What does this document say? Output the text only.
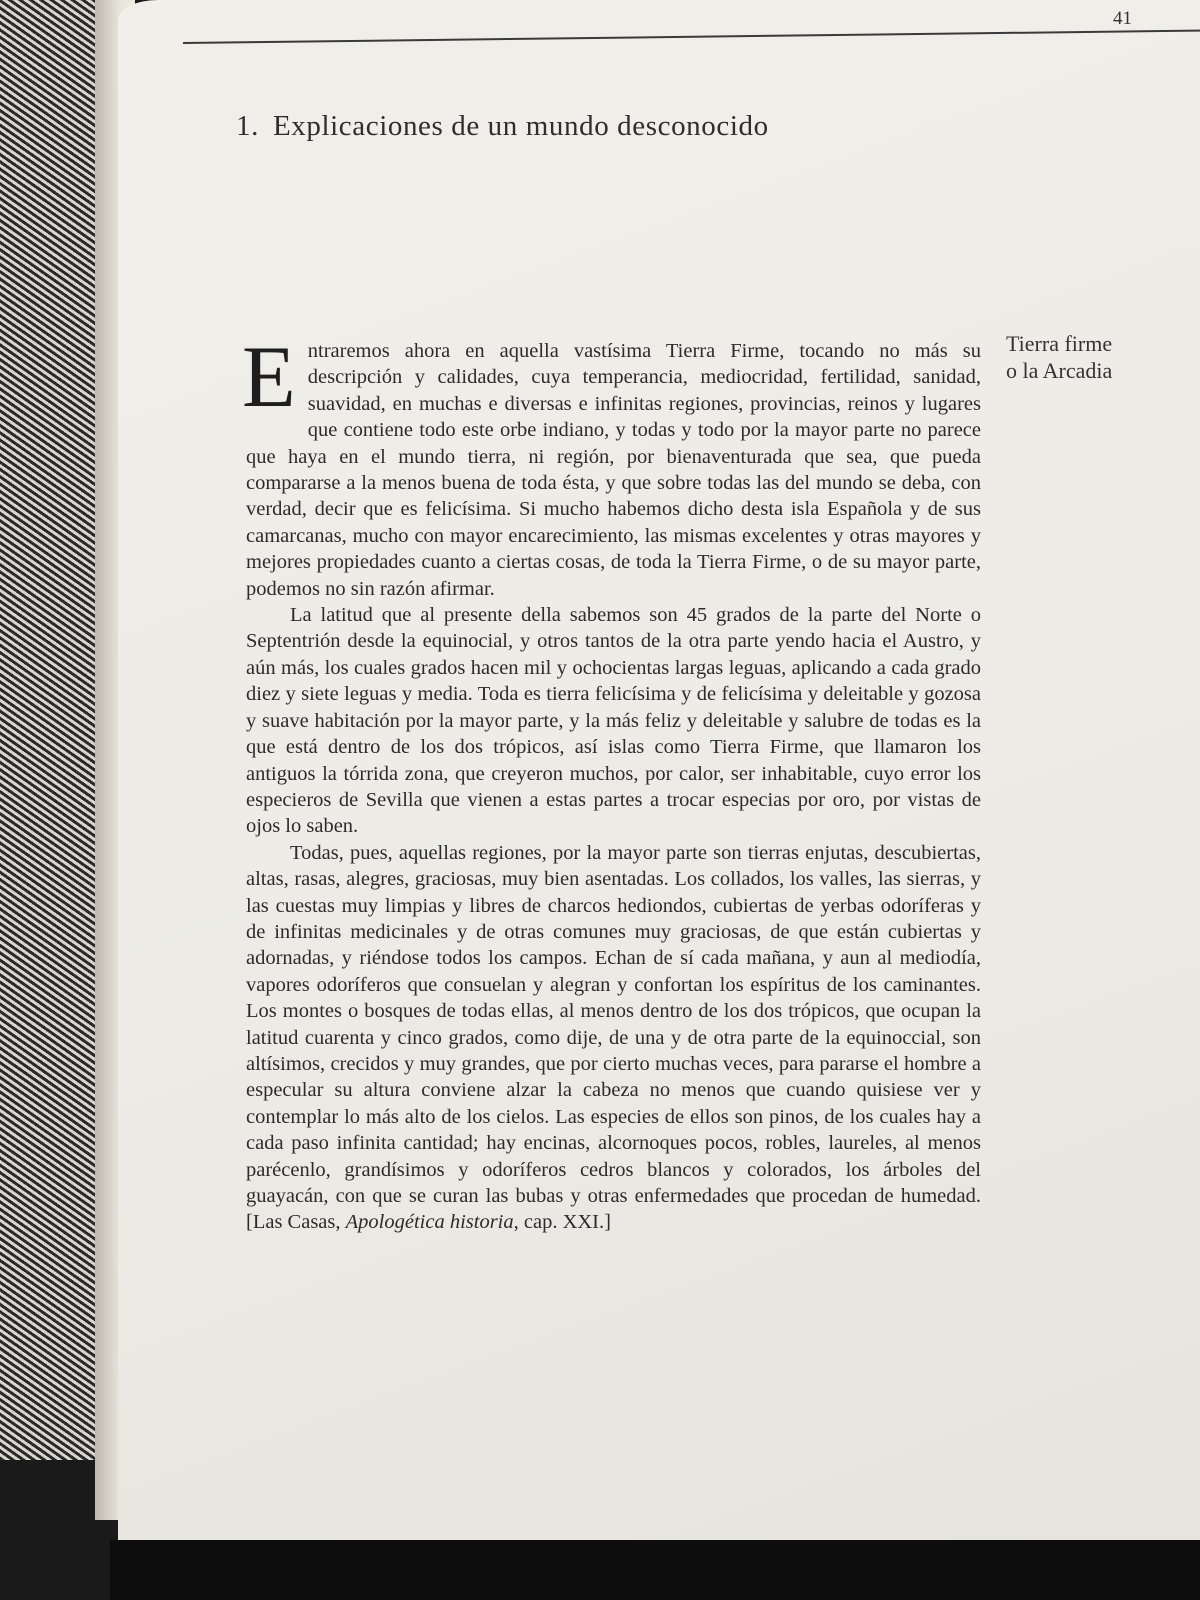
41
1. Explicaciones de un mundo desconocido
Tierra firme
o la Arcadia

Entraremos ahora en aquella vastísima Tierra Firme, tocando no más su descripción y calidades, cuya temperancia, mediocridad, fertilidad, sanidad, suavidad, en muchas e diversas e infinitas regiones, provincias, reinos y lugares que contiene todo este orbe indiano, y todas y todo por la mayor parte no parece que haya en el mundo tierra, ni región, por bienaventurada que sea, que pueda compararse a la menos buena de toda ésta, y que sobre todas las del mundo se deba, con verdad, decir que es felicísima. Si mucho habemos dicho desta isla Española y de sus camarcanas, mucho con mayor encarecimiento, las mismas excelentes y otras mayores y mejores propiedades cuanto a ciertas cosas, de toda la Tierra Firme, o de su mayor parte, podemos no sin razón afirmar.

La latitud que al presente della sabemos son 45 grados de la parte del Norte o Septentrión desde la equinocial, y otros tantos de la otra parte yendo hacia el Austro, y aún más, los cuales grados hacen mil y ochocientas largas leguas, aplicando a cada grado diez y siete leguas y media. Toda es tierra felicísima y de felicísima y deleitable y gozosa y suave habitación por la mayor parte, y la más feliz y deleitable y salubre de todas es la que está dentro de los dos trópicos, así islas como Tierra Firme, que llamaron los antiguos la tórrida zona, que creyeron muchos, por calor, ser inhabitable, cuyo error los especieros de Sevilla que vienen a estas partes a trocar especias por oro, por vistas de ojos lo saben.

Todas, pues, aquellas regiones, por la mayor parte son tierras enjutas, descubiertas, altas, rasas, alegres, graciosas, muy bien asentadas. Los collados, los valles, las sierras, y las cuestas muy limpias y libres de charcos hediondos, cubiertas de yerbas odoríferas y de infinitas medicinales y de otras comunes muy graciosas, de que están cubiertas y adornadas, y riéndose todos los campos. Echan de sí cada mañana, y aun al mediodía, vapores odoríferos que consuelan y alegran y confortan los espíritus de los caminantes. Los montes o bosques de todas ellas, al menos dentro de los dos trópicos, que ocupan la latitud cuarenta y cinco grados, como dije, de una y de otra parte de la equinoccial, son altísimos, crecidos y muy grandes, que por cierto muchas veces, para pararse el hombre a especular su altura conviene alzar la cabeza no menos que cuando quisiese ver y contemplar lo más alto de los cielos. Las especies de ellos son pinos, de los cuales hay a cada paso infinita cantidad; hay encinas, alcornoques pocos, robles, laureles, al menos parécenlo, grandísimos y odoríferos cedros blancos y colorados, los árboles del guayacán, con que se curan las bubas y otras enfermedades que procedan de humedad. [Las Casas, Apologética historia, cap. XXI.]
